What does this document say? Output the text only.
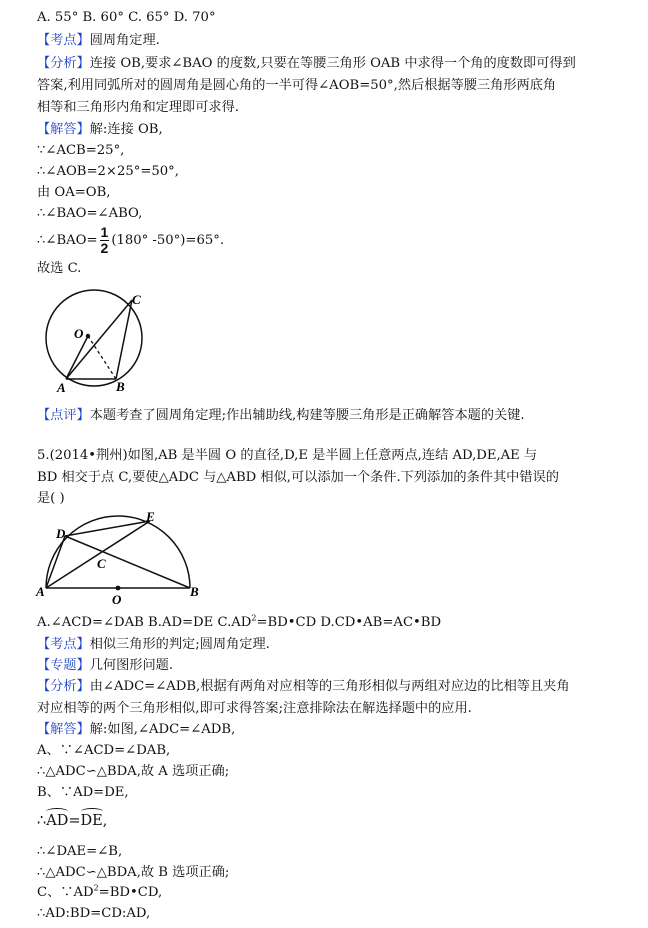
A. 55° B. 60° C. 65° D. 70°
【考点】圆周角定理.
【分析】连接 OB,要求∠BAO 的度数,只要在等腰三角形 OAB 中求得一个角的度数即可得到
答案,利用同弧所对的圆周角是圆心角的一半可得∠AOB=50°,然后根据等腰三角形两底角
相等和三角形内角和定理即可求得.
【解答】解:连接 OB,
∵∠ACB=25°,
∴∠AOB=2×25°=50°,
由 OA=OB,
∴∠BAO=∠ABO,
∴∠BAO= $\frac{1}{2} (180^\circ$ -50°)=65°.
故选 C.
O
C
A	B
【点评】本题考查了圆周角定理;作出辅助线,构建等腰三角形是正确解答本题的关键.
5.(2014•荆州)如图,AB 是半圆 O 的直径,D,E 是半圆上任意两点,连结 AD,DE,AE 与
BD 相交于点 C,要使△ADC 与△ABD 相似,可以添加一个条件.下列添加的条件其中错误的
是( )
D
E
C
A
O
B
A.∠ACD=∠DAB B.AD=DE $C.AD^2=BD•CD$ D.CD•AB=AC•BD
【考点】相似三角形的判定;圆周角定理.
【专题】几何图形问题.
【分析】由∠ADC=∠ADB,根据有两角对应相等的三角形相似与两组对应边的比相等且夹角
对应相等的两个三角形相似,即可求得答案;注意排除法在解选择题中的应用.
【解答】解:如图,∠ADC=∠ADB,
A、∵∠ACD=∠DAB,
∴△ADC∽△BDA,故 A 选项正确;
B、∵AD=DE,
∴AD=DE,
∴∠DAE=∠B,
∴△ADC∽△BDA,故 B 选项正确;
C、$\because AD^2=BD•CD$,
∴AD:BD=CD:AD,
